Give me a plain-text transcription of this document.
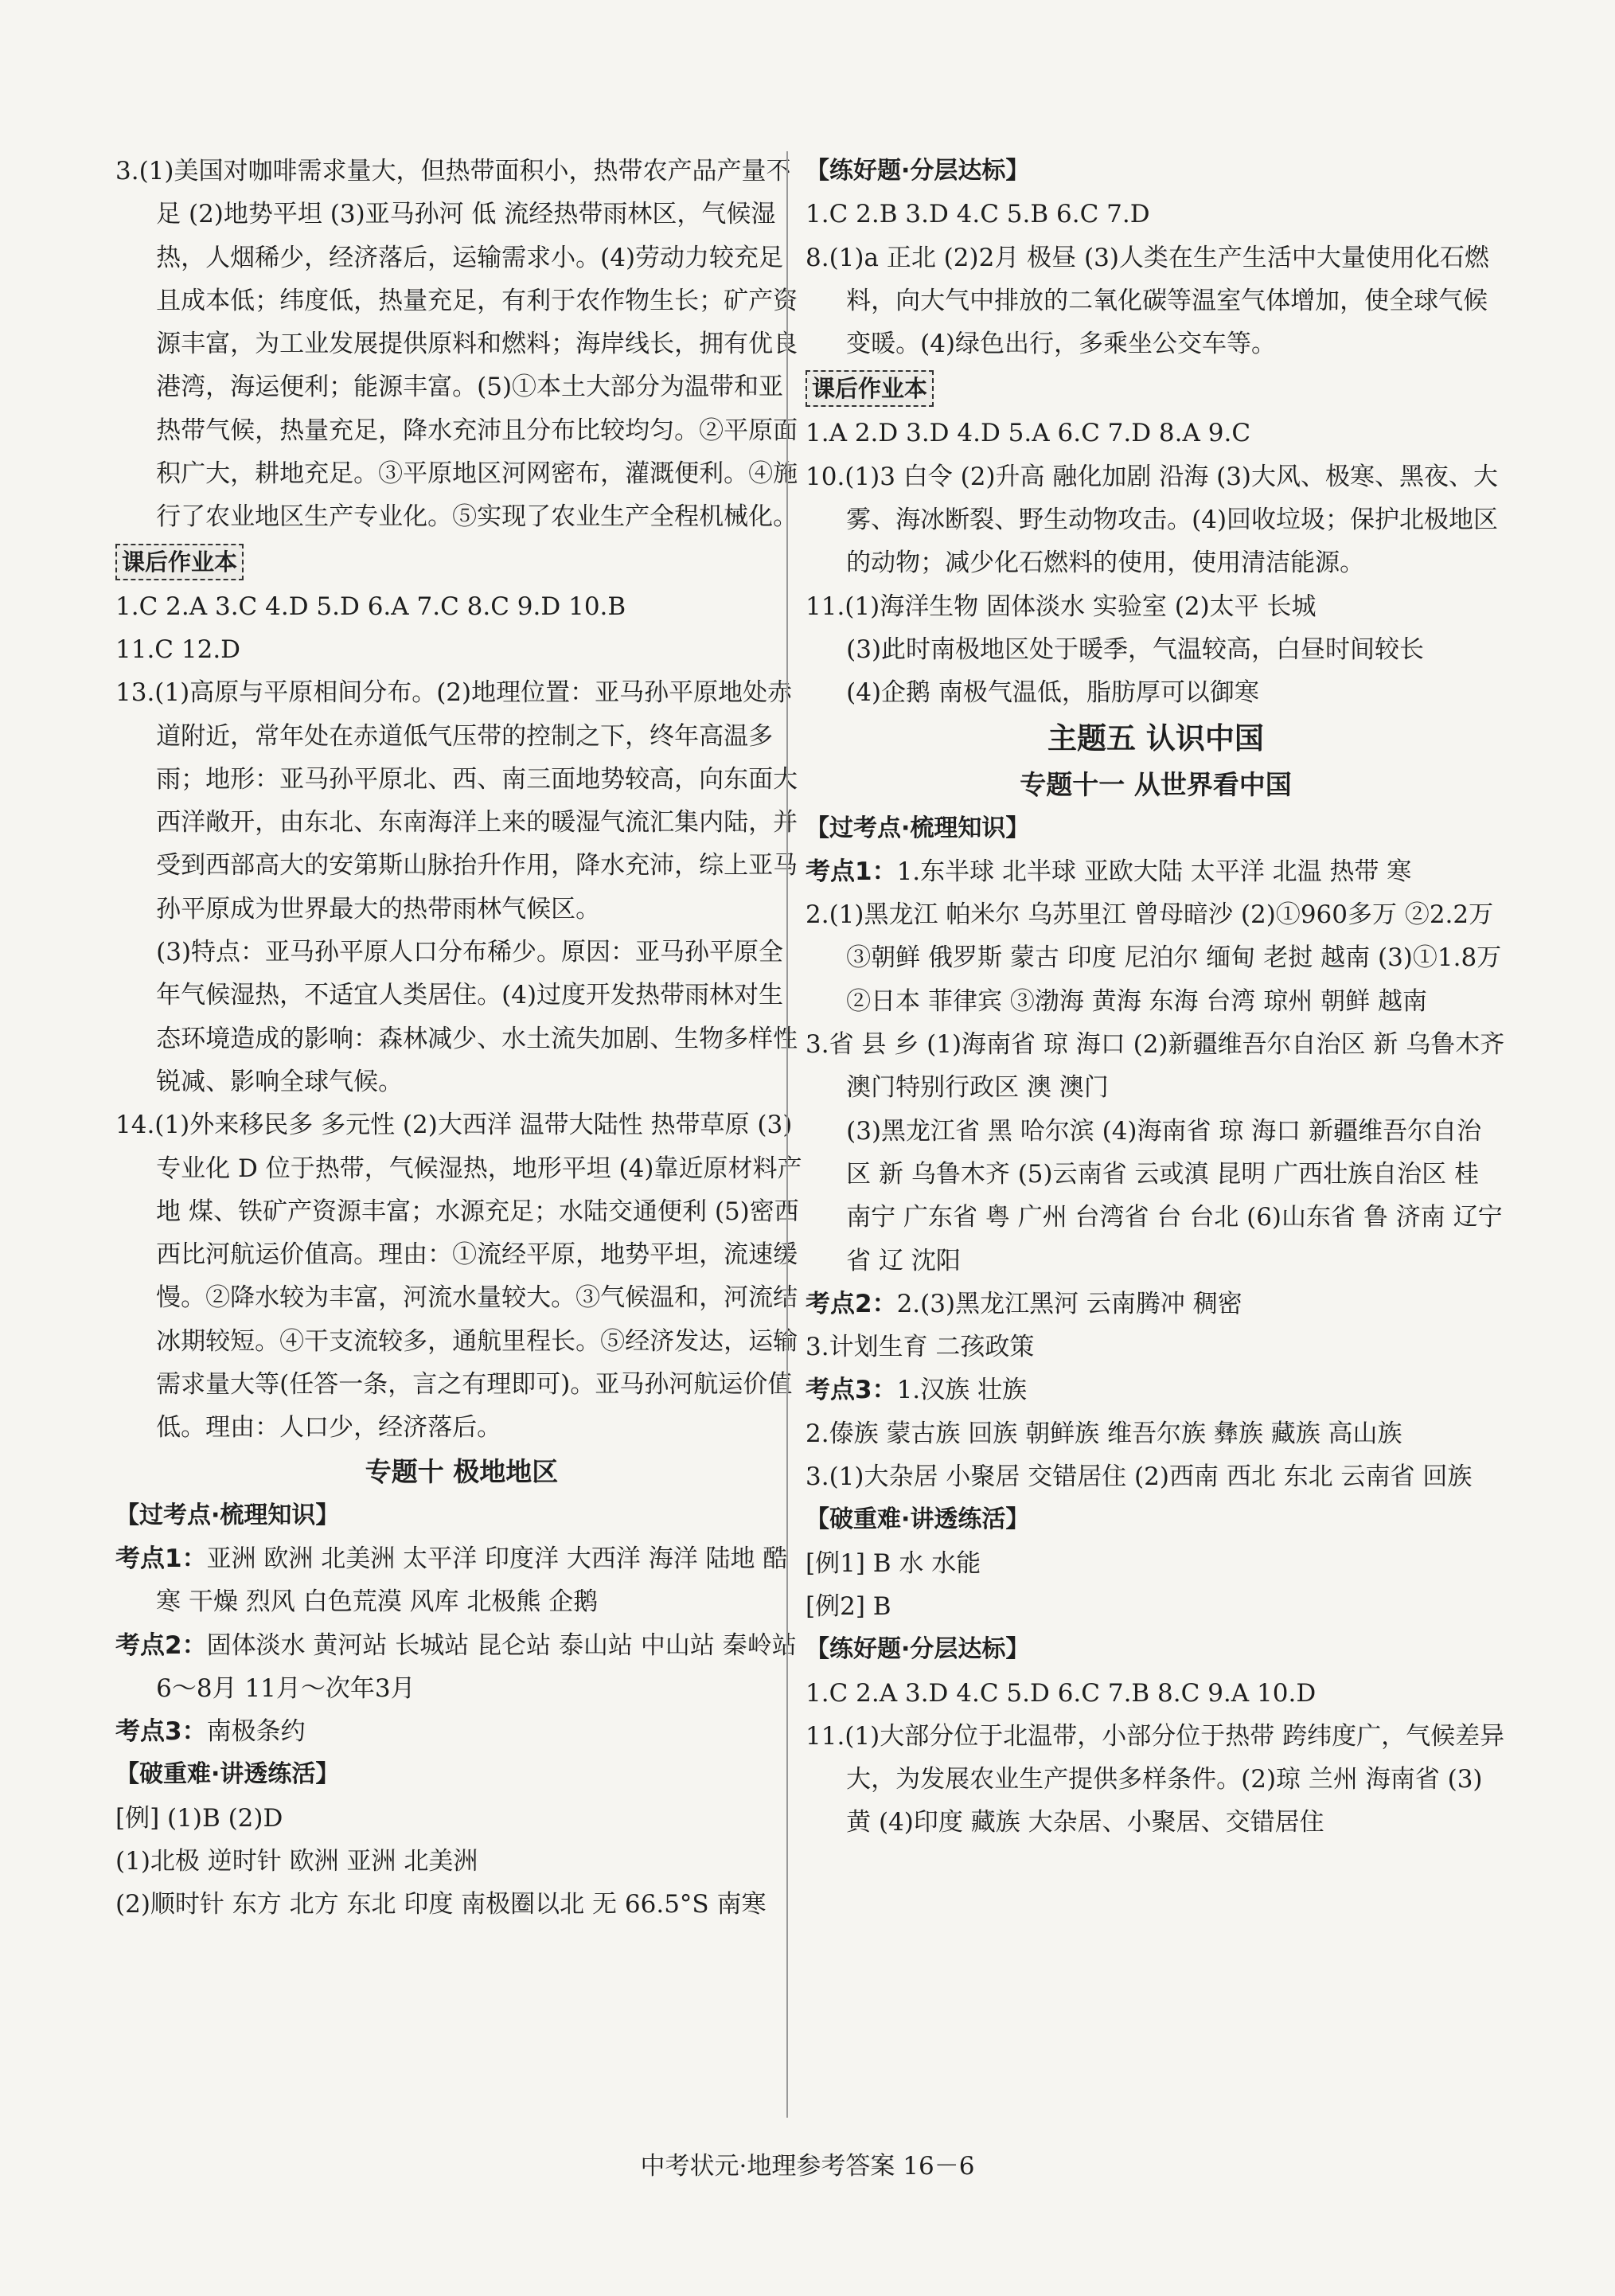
3.(1)美国对咖啡需求量大，但热带面积小，热带农产品产量不足 (2)地势平坦 (3)亚马孙河 低 流经热带雨林区，气候湿热，人烟稀少，经济落后，运输需求小。(4)劳动力较充足且成本低；纬度低，热量充足，有利于农作物生长；矿产资源丰富，为工业发展提供原料和燃料；海岸线长，拥有优良港湾，海运便利；能源丰富。(5)①本土大部分为温带和亚热带气候，热量充足，降水充沛且分布比较均匀。②平原面积广大，耕地充足。③平原地区河网密布，灌溉便利。④施行了农业地区生产专业化。⑤实现了农业生产全程机械化。

课后作业本

1.C 2.A 3.C 4.D 5.D 6.A 7.C 8.C 9.D 10.B

11.C 12.D

13.(1)高原与平原相间分布。(2)地理位置：亚马孙平原地处赤道附近，常年处在赤道低气压带的控制之下，终年高温多雨；地形：亚马孙平原北、西、南三面地势较高，向东面大西洋敞开，由东北、东南海洋上来的暖湿气流汇集内陆，并受到西部高大的安第斯山脉抬升作用，降水充沛，综上亚马孙平原成为世界最大的热带雨林气候区。

(3)特点：亚马孙平原人口分布稀少。原因：亚马孙平原全年气候湿热，不适宜人类居住。(4)过度开发热带雨林对生态环境造成的影响：森林减少、水土流失加剧、生物多样性锐减、影响全球气候。

14.(1)外来移民多 多元性 (2)大西洋 温带大陆性 热带草原 (3)专业化 D 位于热带，气候湿热，地形平坦 (4)靠近原材料产地 煤、铁矿产资源丰富；水源充足；水陆交通便利 (5)密西西比河航运价值高。理由：①流经平原，地势平坦，流速缓慢。②降水较为丰富，河流水量较大。③气候温和，河流结冰期较短。④干支流较多，通航里程长。⑤经济发达，运输需求量大等(任答一条，言之有理即可)。亚马孙河航运价值低。理由：人口少，经济落后。

专题十 极地地区

【过考点·梳理知识】

考点1：亚洲 欧洲 北美洲 太平洋 印度洋 大西洋 海洋 陆地 酷寒 干燥 烈风 白色荒漠 风库 北极熊 企鹅

考点2：固体淡水 黄河站 长城站 昆仑站 泰山站 中山站 秦岭站 6～8月 11月～次年3月

考点3：南极条约

【破重难·讲透练活】

[例] (1)B (2)D

(1)北极 逆时针 欧洲 亚洲 北美洲

(2)顺时针 东方 北方 东北 印度 南极圈以北 无 66.5°S 南寒

【练好题·分层达标】

1.C 2.B 3.D 4.C 5.B 6.C 7.D

8.(1)a 正北 (2)2月 极昼 (3)人类在生产生活中大量使用化石燃料，向大气中排放的二氧化碳等温室气体增加，使全球气候变暖。(4)绿色出行，多乘坐公交车等。

课后作业本

1.A 2.D 3.D 4.D 5.A 6.C 7.D 8.A 9.C

10.(1)3 白令 (2)升高 融化加剧 沿海 (3)大风、极寒、黑夜、大雾、海冰断裂、野生动物攻击。(4)回收垃圾；保护北极地区的动物；减少化石燃料的使用，使用清洁能源。

11.(1)海洋生物 固体淡水 实验室 (2)太平 长城

(3)此时南极地区处于暖季，气温较高，白昼时间较长

(4)企鹅 南极气温低，脂肪厚可以御寒

主题五 认识中国

专题十一 从世界看中国

【过考点·梳理知识】

考点1：1.东半球 北半球 亚欧大陆 太平洋 北温 热带 寒

2.(1)黑龙江 帕米尔 乌苏里江 曾母暗沙 (2)①960多万 ②2.2万 ③朝鲜 俄罗斯 蒙古 印度 尼泊尔 缅甸 老挝 越南 (3)①1.8万 ②日本 菲律宾 ③渤海 黄海 东海 台湾 琼州 朝鲜 越南

3.省 县 乡 (1)海南省 琼 海口 (2)新疆维吾尔自治区 新 乌鲁木齐 澳门特别行政区 澳 澳门

(3)黑龙江省 黑 哈尔滨 (4)海南省 琼 海口 新疆维吾尔自治区 新 乌鲁木齐 (5)云南省 云或滇 昆明 广西壮族自治区 桂 南宁 广东省 粤 广州 台湾省 台 台北 (6)山东省 鲁 济南 辽宁省 辽 沈阳

考点2：2.(3)黑龙江黑河 云南腾冲 稠密

3.计划生育 二孩政策

考点3：1.汉族 壮族

2.傣族 蒙古族 回族 朝鲜族 维吾尔族 彝族 藏族 高山族

3.(1)大杂居 小聚居 交错居住 (2)西南 西北 东北 云南省 回族

【破重难·讲透练活】

[例1] B 水 水能

[例2] B

【练好题·分层达标】

1.C 2.A 3.D 4.C 5.D 6.C 7.B 8.C 9.A 10.D

11.(1)大部分位于北温带，小部分位于热带 跨纬度广，气候差异大，为发展农业生产提供多样条件。(2)琼 兰州 海南省 (3)黄 (4)印度 藏族 大杂居、小聚居、交错居住

中考状元·地理参考答案 16－6
